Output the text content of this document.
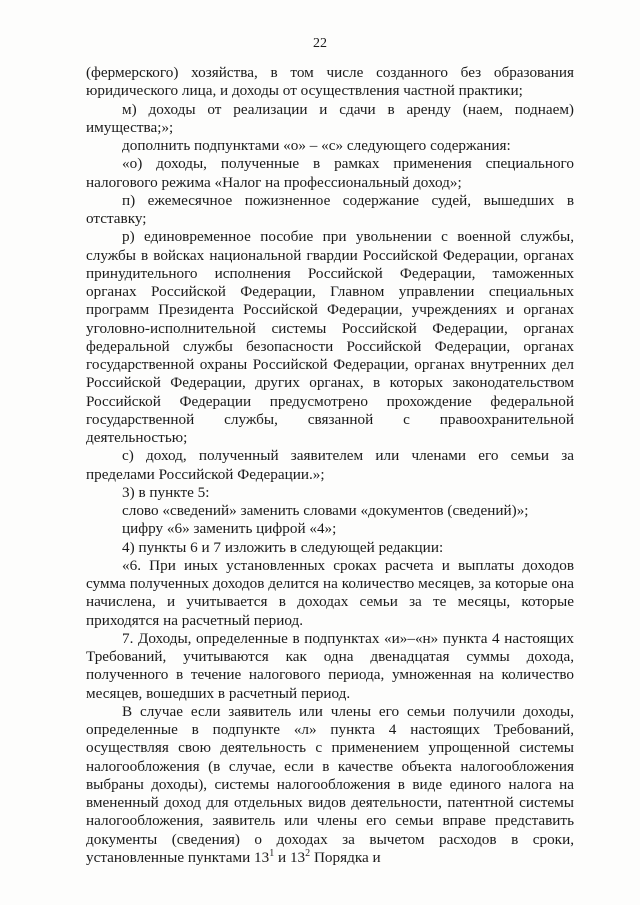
22

(фермерского) хозяйства, в том числе созданного без образования юридического лица, и доходы от осуществления частной практики;

м) доходы от реализации и сдачи в аренду (наем, поднаем) имущества;»;

дополнить подпунктами «о» – «с» следующего содержания:

«о) доходы, полученные в рамках применения специального налогового режима «Налог на профессиональный доход»;

п) ежемесячное пожизненное содержание судей, вышедших в отставку;

р) единовременное пособие при увольнении с военной службы, службы в войсках национальной гвардии Российской Федерации, органах принудительного исполнения Российской Федерации, таможенных органах Российской Федерации, Главном управлении специальных программ Президента Российской Федерации, учреждениях и органах уголовно-исполнительной системы Российской Федерации, органах федеральной службы безопасности Российской Федерации, органах государственной охраны Российской Федерации, органах внутренних дел Российской Федерации, других органах, в которых законодательством Российской Федерации предусмотрено прохождение федеральной государственной службы, связанной с правоохранительной деятельностью;

с) доход, полученный заявителем или членами его семьи за пределами Российской Федерации.»;

3) в пункте 5:

слово «сведений» заменить словами «документов (сведений)»;

цифру «6» заменить цифрой «4»;

4) пункты 6 и 7 изложить в следующей редакции:

«6. При иных установленных сроках расчета и выплаты доходов сумма полученных доходов делится на количество месяцев, за которые она начислена, и учитывается в доходах семьи за те месяцы, которые приходятся на расчетный период.

7. Доходы, определенные в подпунктах «и»–«н» пункта 4 настоящих Требований, учитываются как одна двенадцатая суммы дохода, полученного в течение налогового периода, умноженная на количество месяцев, вошедших в расчетный период.

В случае если заявитель или члены его семьи получили доходы, определенные в подпункте «л» пункта 4 настоящих Требований, осуществляя свою деятельность с применением упрощенной системы налогообложения (в случае, если в качестве объекта налогообложения выбраны доходы), системы налогообложения в виде единого налога на вмененный доход для отдельных видов деятельности, патентной системы налогообложения, заявитель или члены его семьи вправе представить документы (сведения) о доходах за вычетом расходов в сроки, установленные пунктами $13^1$ и $13^2$ Порядка и
